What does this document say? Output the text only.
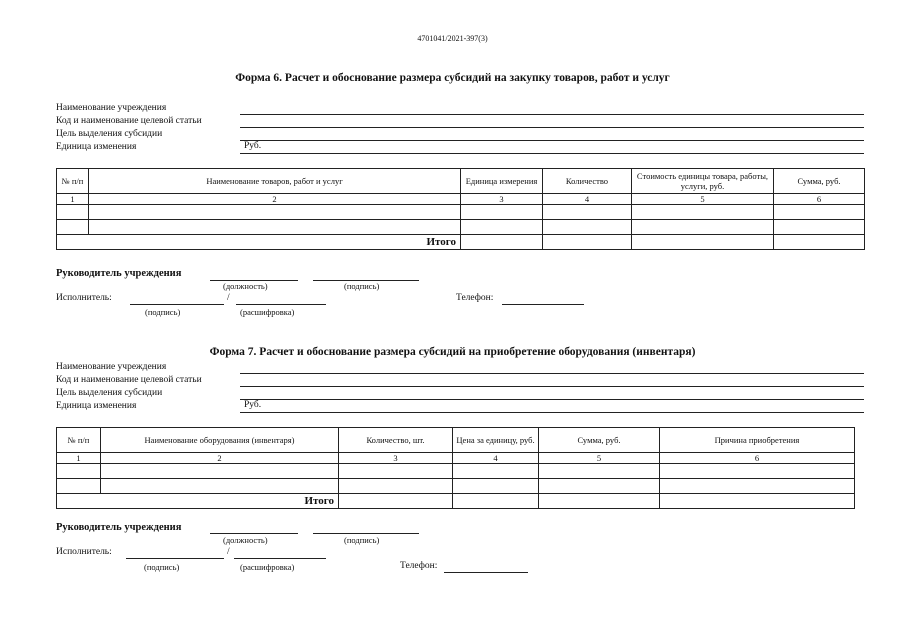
4701041/2021-397(3)
Форма 6. Расчет и обоснование размера субсидий на закупку товаров, работ и услуг
Наименование учреждения
Код и наименование целевой статьи
Цель выделения субсидии
Единица изменения	Руб.
№ п/п	Наименование товаров, работ и услуг	Единица измерения	Количество	Стоимость единицы товара, работы, услуги, руб.	Сумма, руб.
1	2	3	4	5	6

	Итого				
Руководитель учреждения
(должность)	(подпись)
Исполнитель:	/
(подпись)	(расшифровка)
Телефон:
Форма 7. Расчет и обоснование размера субсидий на приобретение оборудования (инвентаря)
Наименование учреждения
Код и наименование целевой статьи
Цель выделения субсидии
Единица изменения	Руб.
№ п/п	Наименование оборудования (инвентаря)	Количество, шт.	Цена за единицу, руб.	Сумма, руб.	Причина приобретения
1	2	3	4	5	6

	Итого				
Руководитель учреждения
(должность)	(подпись)
Исполнитель:	/
(подпись)	(расшифровка)	Телефон:
